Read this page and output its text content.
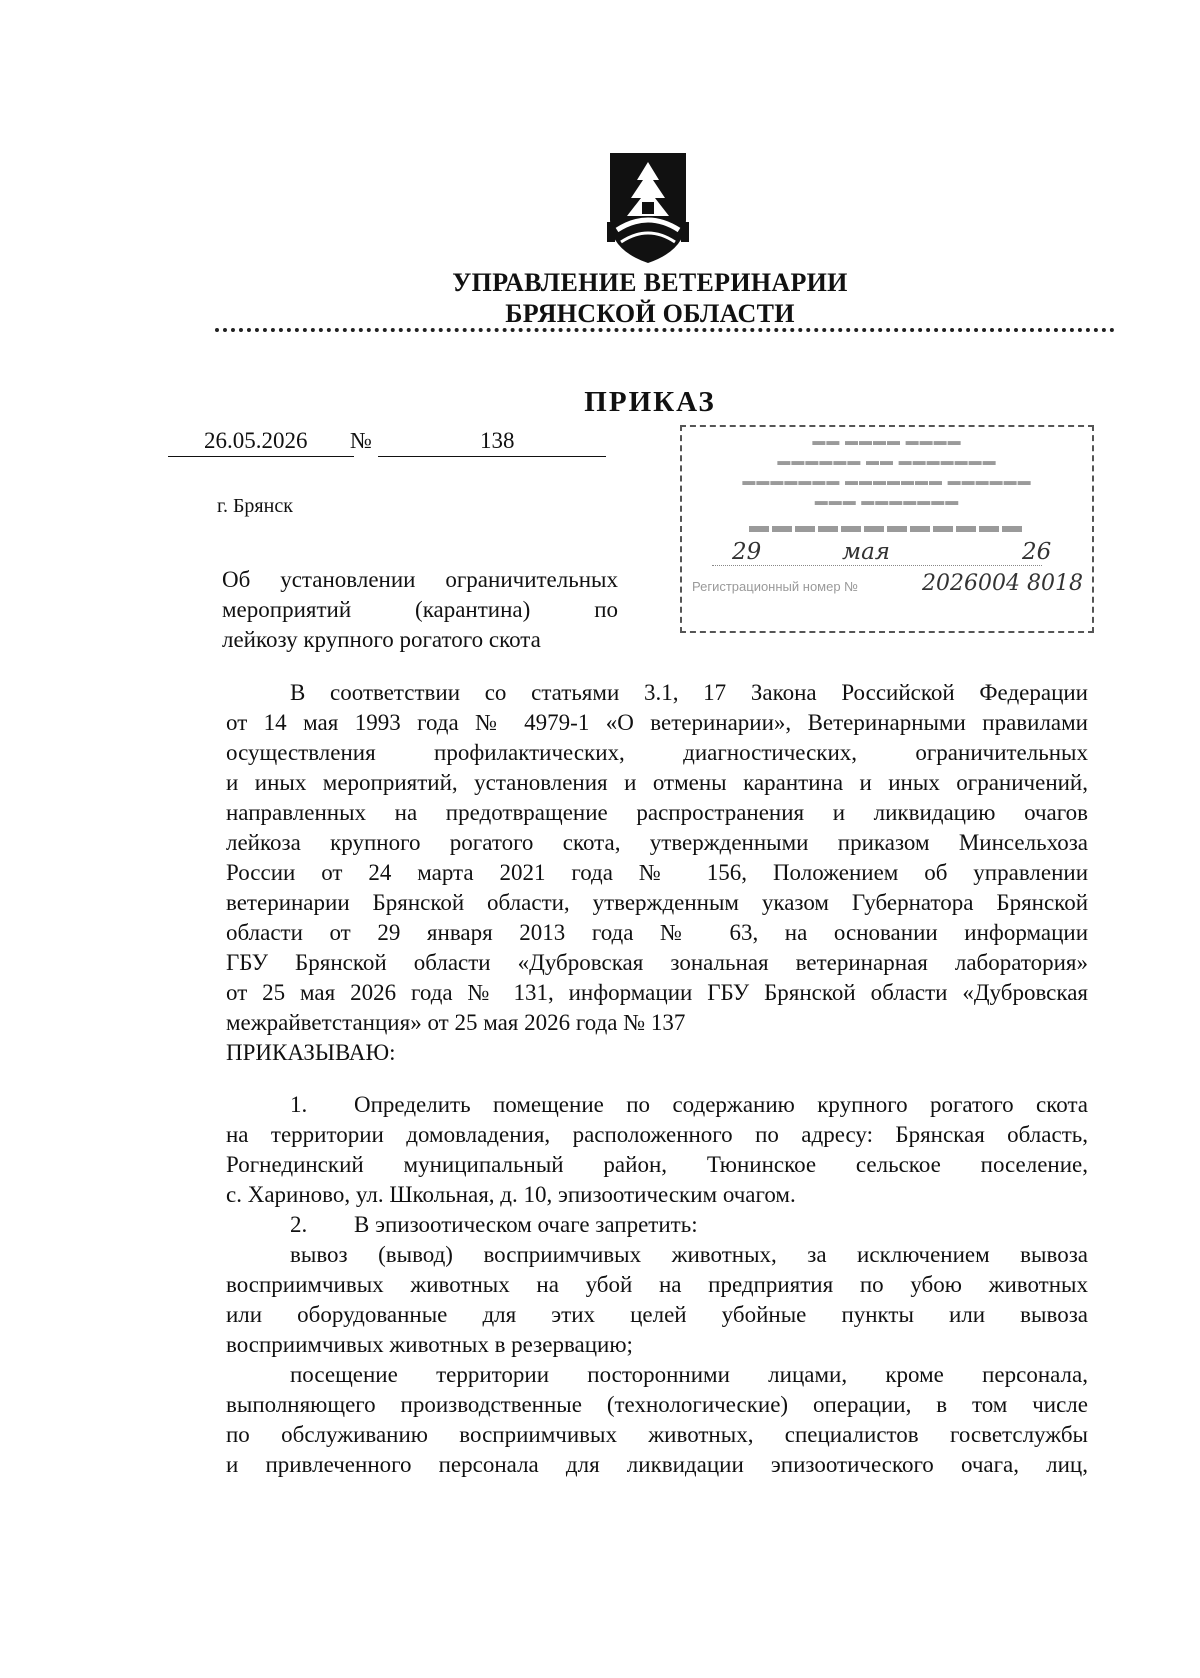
УПРАВЛЕНИЕ ВЕТЕРИНАРИИ
БРЯНСКОЙ ОБЛАСТИ
ПРИКАЗ
26.05.2026 №	138
г. Брянск
Об установлении ограничительных
мероприятий (карантина) по
лейкозу крупного рогатого скота
▬▬ ▬▬▬▬ ▬▬▬▬
▬▬▬▬▬▬ ▬▬ ▬▬▬▬▬▬▬
▬▬▬▬▬▬▬ ▬▬▬▬▬▬▬ ▬▬▬▬▬▬
▬▬▬ ▬▬▬▬▬▬▬
▬▬▬▬▬▬▬▬▬▬▬▬
29	мая	26
Регистрационный номер №	2026004 8018
В соответствии со статьями 3.1, 17 Закона Российской Федерации
от 14 мая 1993 года № 4979-1 «О ветеринарии», Ветеринарными правилами
осуществления профилактических, диагностических, ограничительных
и иных мероприятий, установления и отмены карантина и иных ограничений,
направленных на предотвращение распространения и ликвидацию очагов
лейкоза крупного рогатого скота, утвержденными приказом Минсельхоза
России от 24 марта 2021 года № 156, Положением об управлении
ветеринарии Брянской области, утвержденным указом Губернатора Брянской
области от 29 января 2013 года № 63, на основании информации
ГБУ Брянской области «Дубровская зональная ветеринарная лаборатория»
от 25 мая 2026 года № 131, информации ГБУ Брянской области «Дубровская
межрайветстанция» от 25 мая 2026 года № 137
ПРИКАЗЫВАЮ:
1. Определить помещение по содержанию крупного рогатого скота
на территории домовладения, расположенного по адресу: Брянская область,
Рогнединский муниципальный район, Тюнинское сельское поселение,
с. Хариново, ул. Школьная, д. 10, эпизоотическим очагом.
2. В эпизоотическом очаге запретить:
вывоз (вывод) восприимчивых животных, за исключением вывоза
восприимчивых животных на убой на предприятия по убою животных
или оборудованные для этих целей убойные пункты или вывоза
восприимчивых животных в резервацию;
посещение территории посторонними лицами, кроме персонала,
выполняющего производственные (технологические) операции, в том числе
по обслуживанию восприимчивых животных, специалистов госветслужбы
и привлеченного персонала для ликвидации эпизоотического очага, лиц,
